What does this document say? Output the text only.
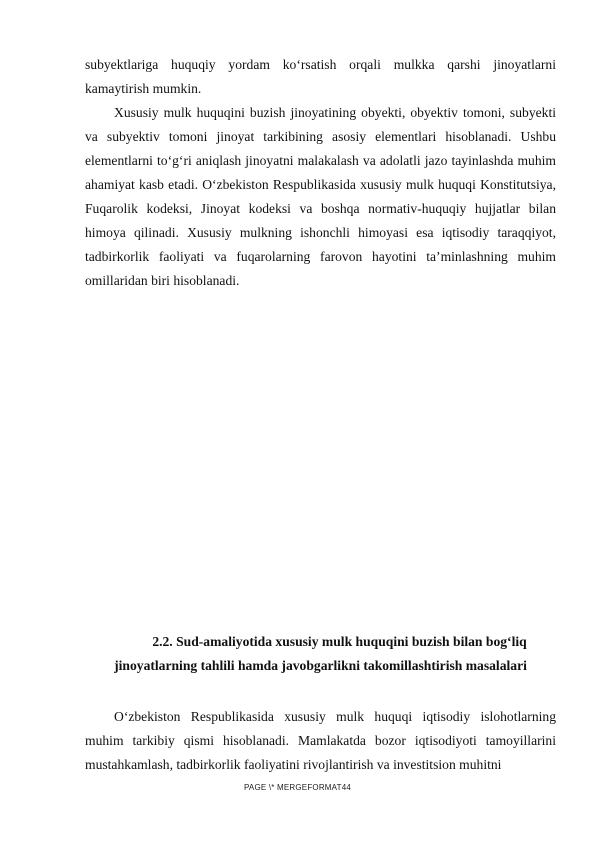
subyektlariga huquqiy yordam ko‘rsatish orqali mulkka qarshi jinoyatlarni kamaytirish mumkin.

Xususiy mulk huquqini buzish jinoyatining obyekti, obyektiv tomoni, subyekti va subyektiv tomoni jinoyat tarkibining asosiy elementlari hisoblanadi. Ushbu elementlarni to‘g‘ri aniqlash jinoyatni malakalash va adolatli jazo tayinlashda muhim ahamiyat kasb etadi. O‘zbekiston Respublikasida xususiy mulk huquqi Konstitutsiya, Fuqarolik kodeksi, Jinoyat kodeksi va boshqa normativ-huquqiy hujjatlar bilan himoya qilinadi. Xususiy mulkning ishonchli himoyasi esa iqtisodiy taraqqiyot, tadbirkorlik faoliyati va fuqarolarning farovon hayotini ta’minlashning muhim omillaridan biri hisoblanadi.

2.2. Sud-amaliyotida xususiy mulk huquqini buzish bilan bog‘liq
jinoyatlarning tahlili hamda javobgarlikni takomillashtirish masalalari

O‘zbekiston Respublikasida xususiy mulk huquqi iqtisodiy islohotlarning muhim tarkibiy qismi hisoblanadi. Mamlakatda bozor iqtisodiyoti tamoyillarini mustahkamlash, tadbirkorlik faoliyatini rivojlantirish va investitsion muhitni

PAGE \* MERGEFORMAT44
